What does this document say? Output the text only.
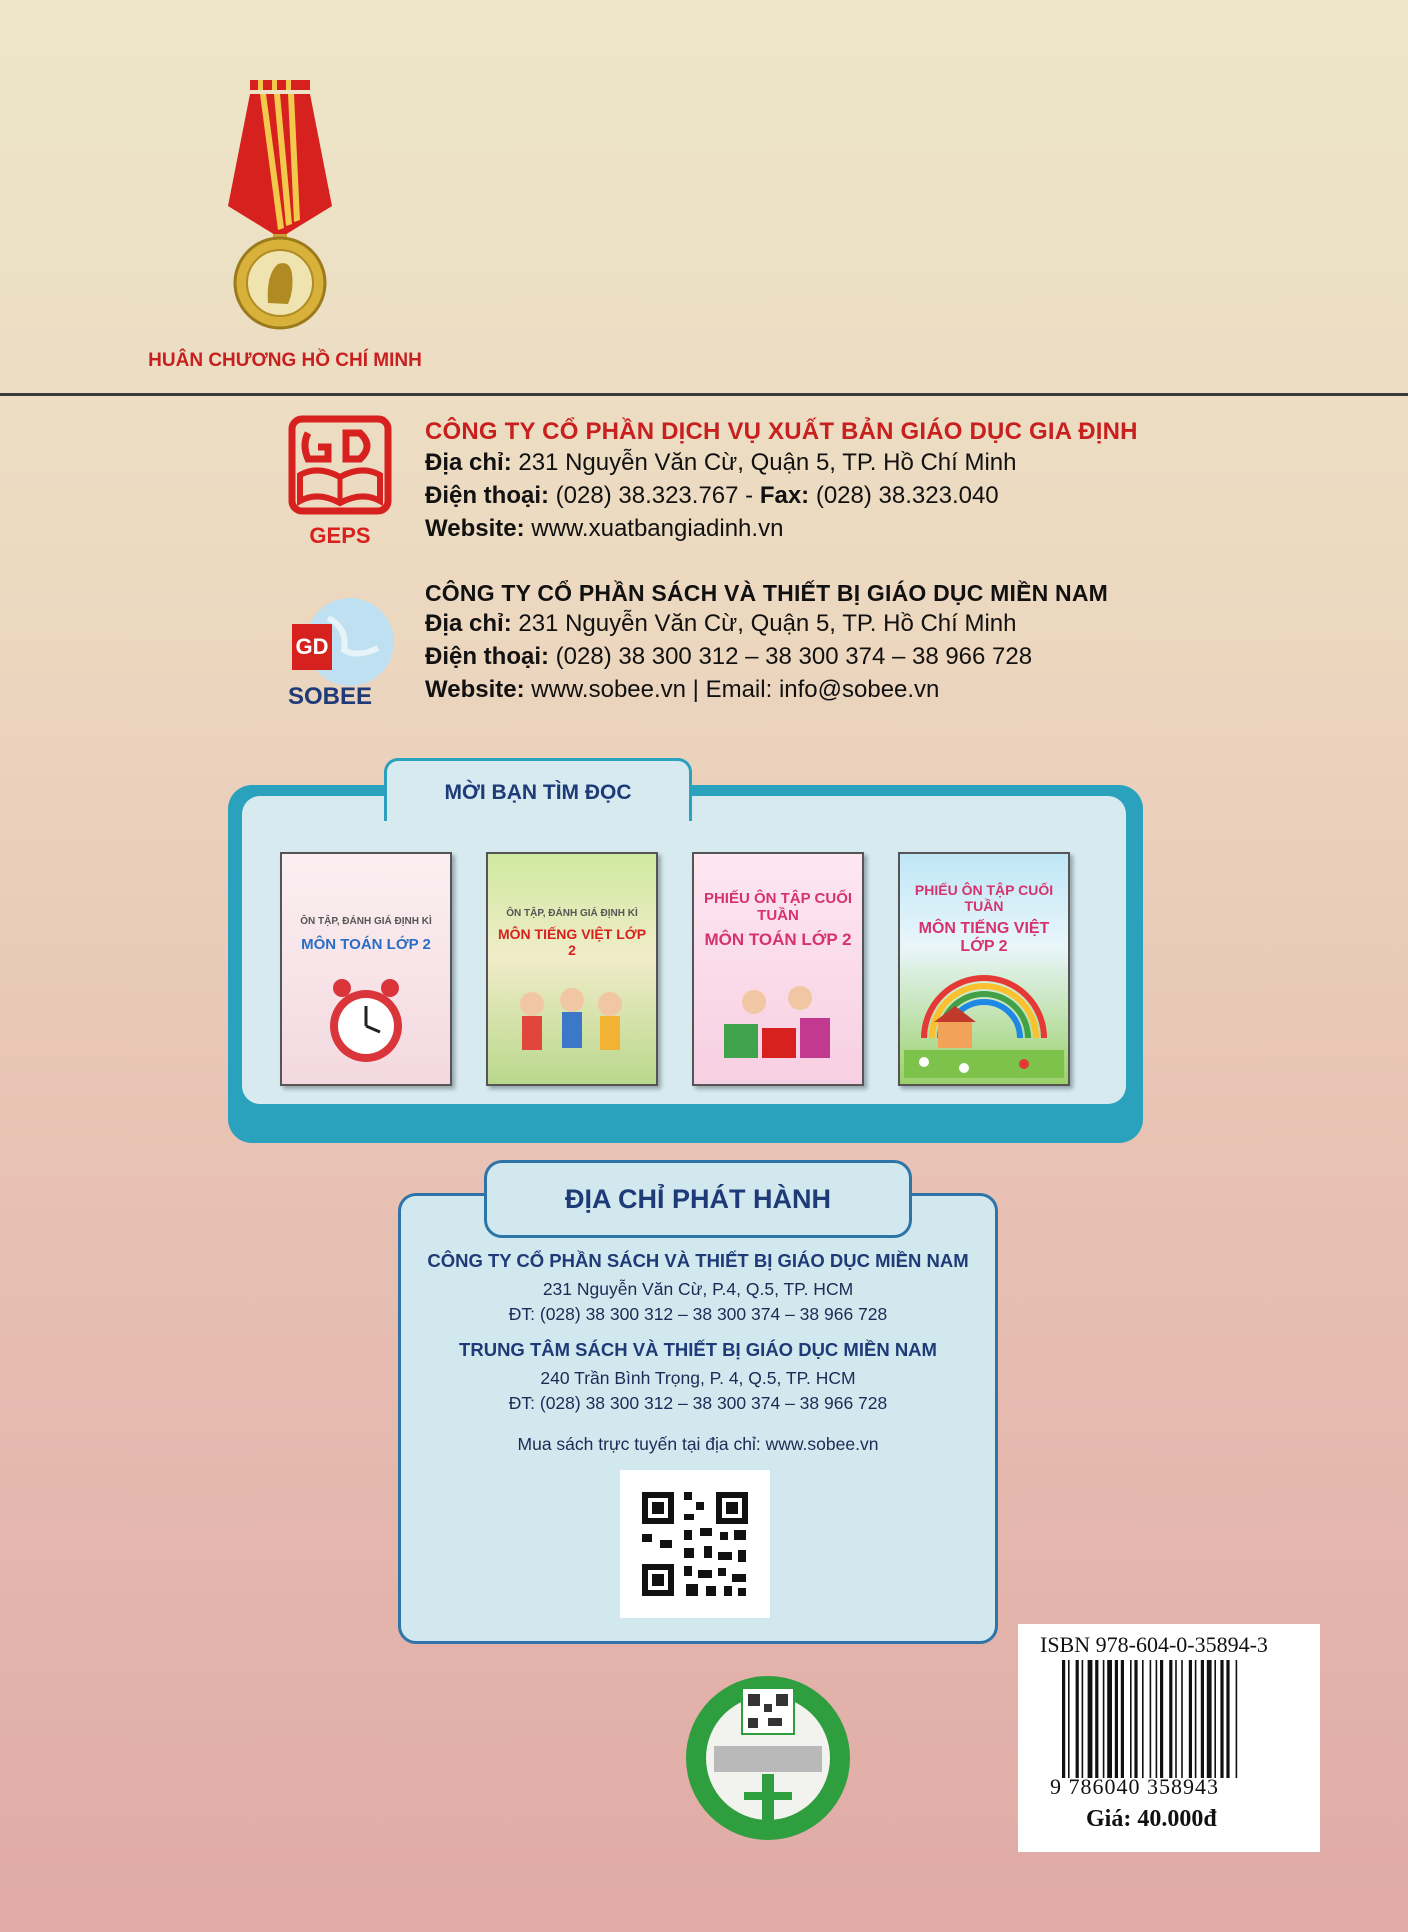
HUÂN CHƯƠNG HỒ CHÍ MINH
GEPS
CÔNG TY CỔ PHẦN DỊCH VỤ XUẤT BẢN GIÁO DỤC GIA ĐỊNH
Địa chỉ: 231 Nguyễn Văn Cừ, Quận 5, TP. Hồ Chí Minh
Điện thoại: (028) 38.323.767 - Fax: (028) 38.323.040
Website: www.xuatbangiadinh.vn
GD
SOBEE
CÔNG TY CỔ PHẦN SÁCH VÀ THIẾT BỊ GIÁO DỤC MIỀN NAM
Địa chỉ: 231 Nguyễn Văn Cừ, Quận 5, TP. Hồ Chí Minh
Điện thoại: (028) 38 300 312 – 38 300 374 – 38 966 728
Website: www.sobee.vn | Email: info@sobee.vn
MỜI BẠN TÌM ĐỌC
ÔN TẬP, ĐÁNH GIÁ ĐỊNH KÌ
MÔN TOÁN LỚP 2
ÔN TẬP, ĐÁNH GIÁ ĐỊNH KÌ
MÔN TIẾNG VIỆT LỚP 2
PHIẾU ÔN TẬP CUỐI TUẦN
MÔN TOÁN LỚP 2
PHIẾU ÔN TẬP CUỐI TUẦN
MÔN TIẾNG VIỆT LỚP 2
ĐỊA CHỈ PHÁT HÀNH
CÔNG TY CỔ PHẦN SÁCH VÀ THIẾT BỊ GIÁO DỤC MIỀN NAM
231 Nguyễn Văn Cừ, P.4, Q.5, TP. HCM
ĐT: (028) 38 300 312 – 38 300 374 – 38 966 728
TRUNG TÂM SÁCH VÀ THIẾT BỊ GIÁO DỤC MIỀN NAM
240 Trần Bình Trọng, P. 4, Q.5, TP. HCM
ĐT: (028) 38 300 312 – 38 300 374 – 38 966 728
Mua sách trực tuyến tại địa chỉ: www.sobee.vn
ISBN 978-604-0-35894-3
9 786040 358943
Giá: 40.000đ
